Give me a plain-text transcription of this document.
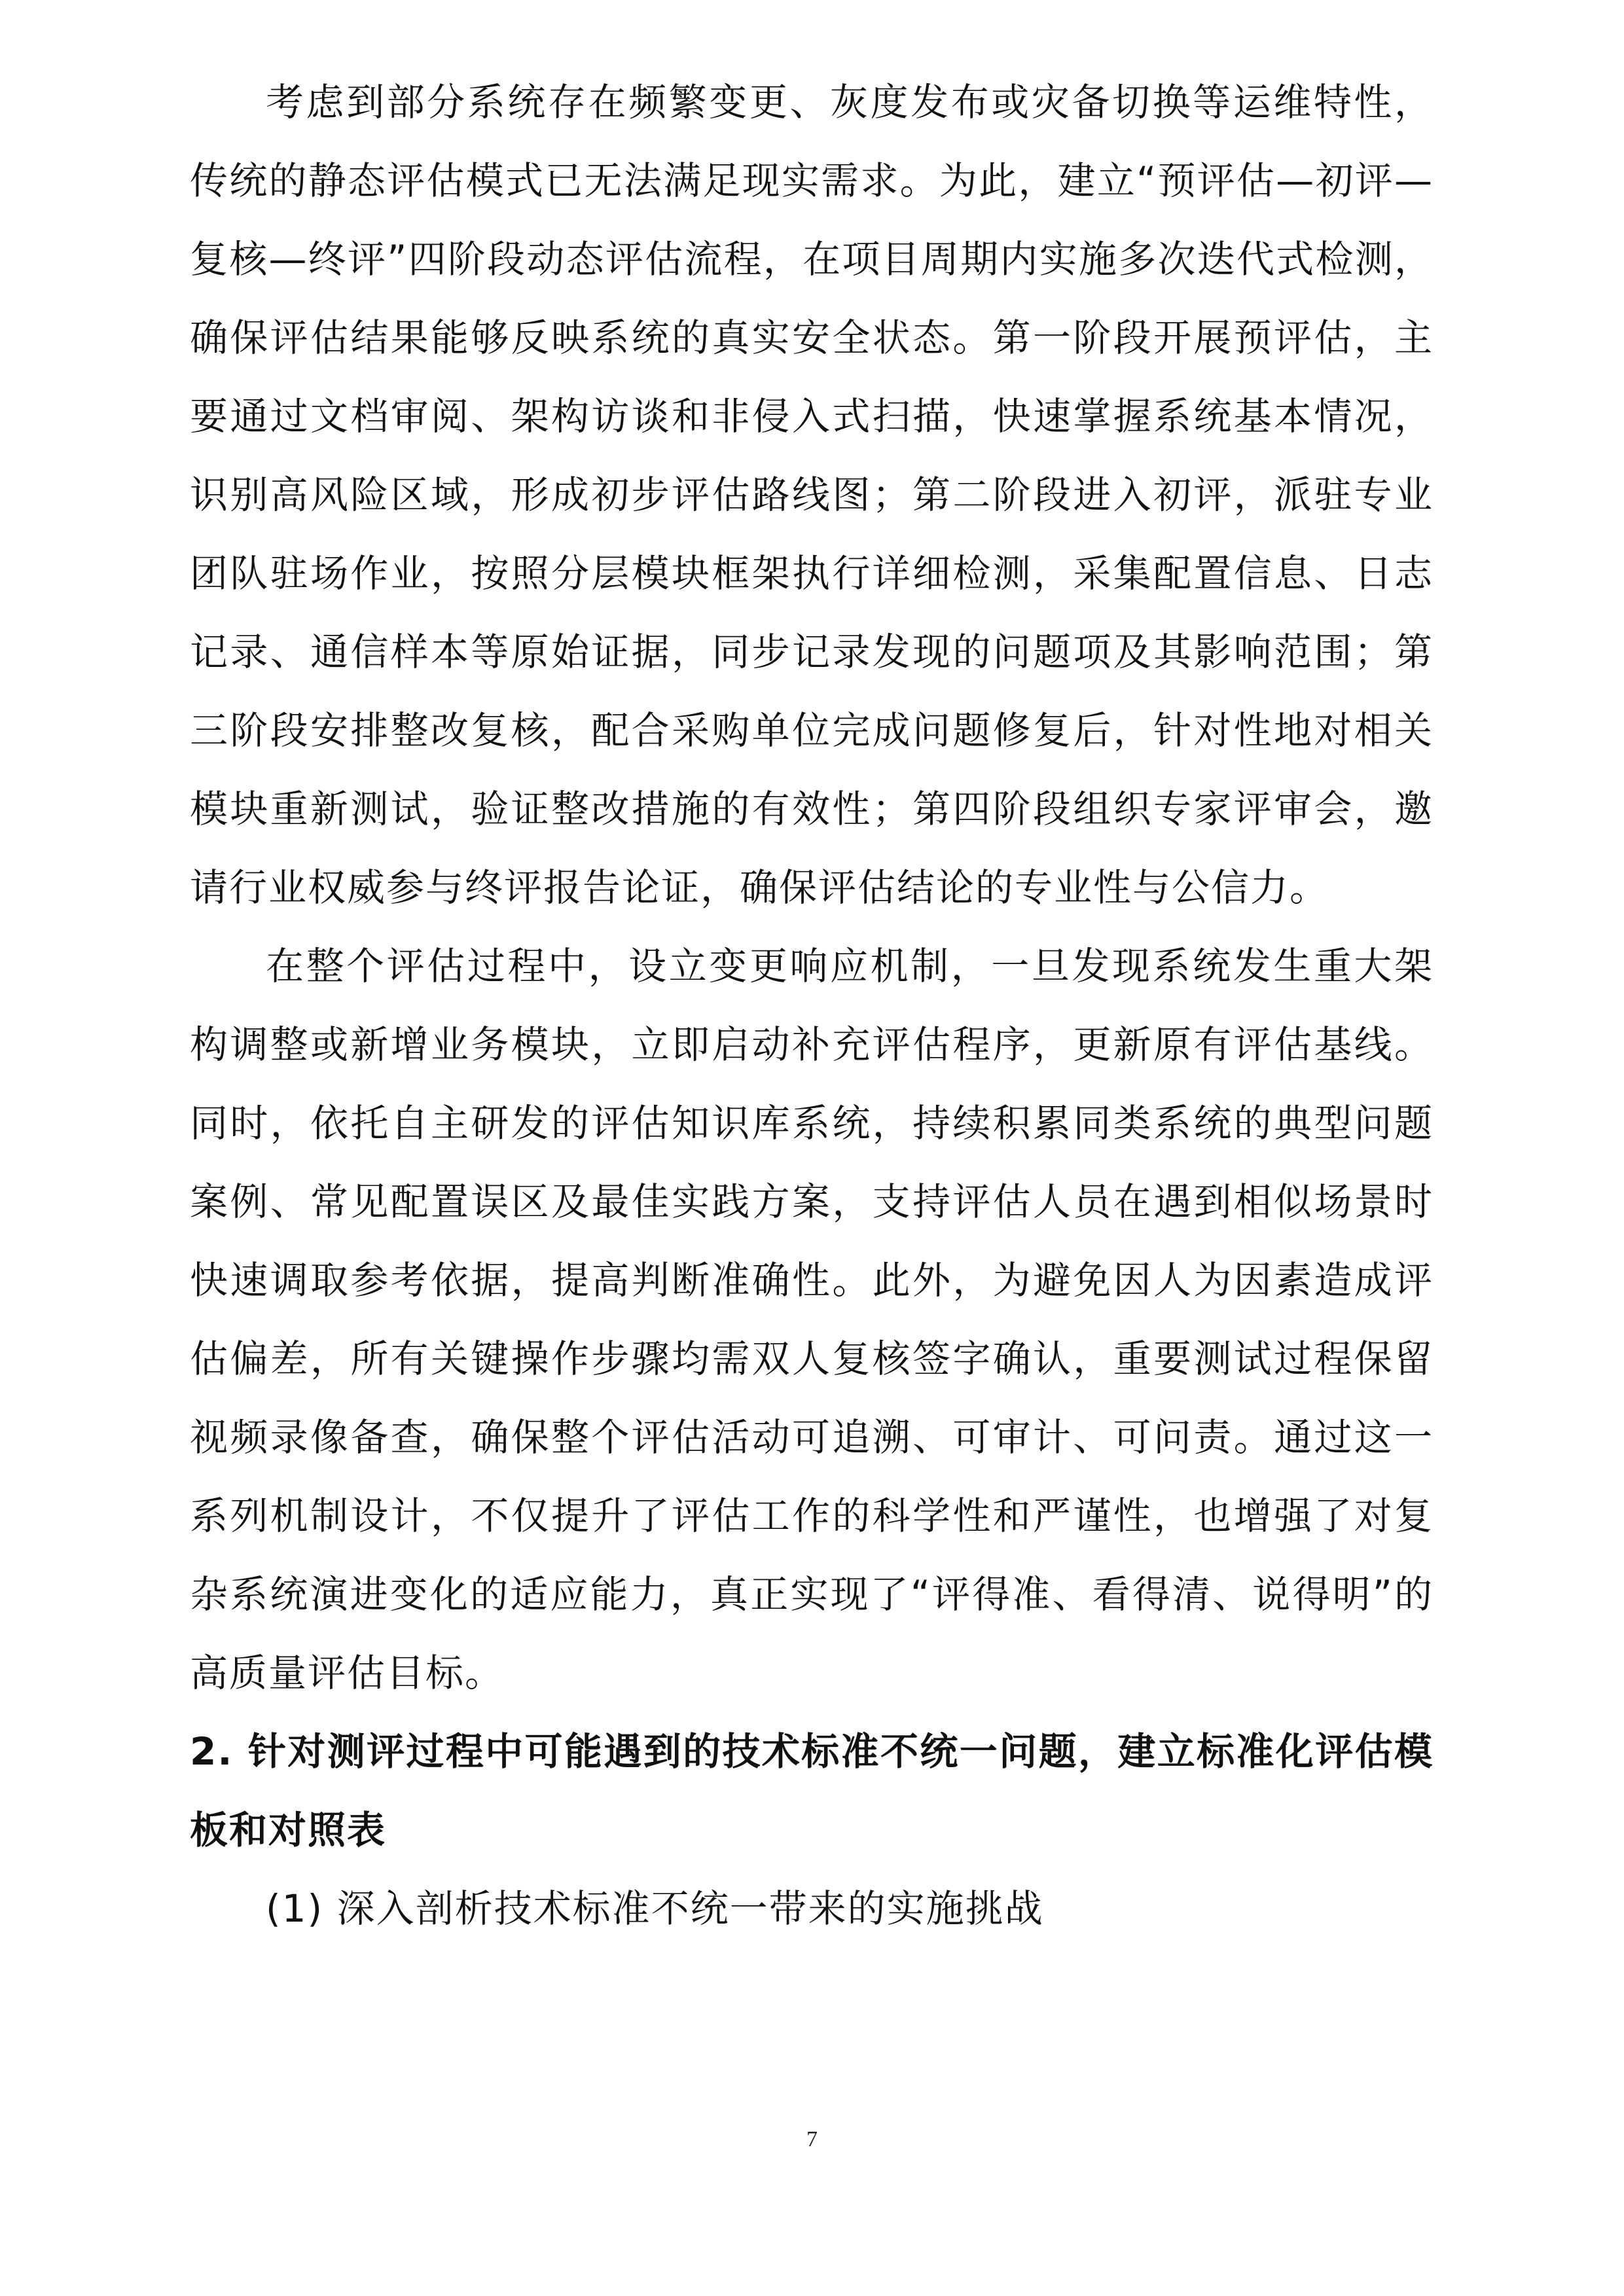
考虑到部分系统存在频繁变更、灰度发布或灾备切换等运维特性，传统的静态评估模式已无法满足现实需求。为此，建立“预评估—初评—复核—终评”四阶段动态评估流程，在项目周期内实施多次迭代式检测，确保评估结果能够反映系统的真实安全状态。第一阶段开展预评估，主要通过文档审阅、架构访谈和非侵入式扫描，快速掌握系统基本情况，识别高风险区域，形成初步评估路线图；第二阶段进入初评，派驻专业团队驻场作业，按照分层模块框架执行详细检测，采集配置信息、日志记录、通信样本等原始证据，同步记录发现的问题项及其影响范围；第三阶段安排整改复核，配合采购单位完成问题修复后，针对性地对相关模块重新测试，验证整改措施的有效性；第四阶段组织专家评审会，邀请行业权威参与终评报告论证，确保评估结论的专业性与公信力。

在整个评估过程中，设立变更响应机制，一旦发现系统发生重大架构调整或新增业务模块，立即启动补充评估程序，更新原有评估基线。同时，依托自主研发的评估知识库系统，持续积累同类系统的典型问题案例、常见配置误区及最佳实践方案，支持评估人员在遇到相似场景时快速调取参考依据，提高判断准确性。此外，为避免因人为因素造成评估偏差，所有关键操作步骤均需双人复核签字确认，重要测试过程保留视频录像备查，确保整个评估活动可追溯、可审计、可问责。通过这一系列机制设计，不仅提升了评估工作的科学性和严谨性，也增强了对复杂系统演进变化的适应能力，真正实现了“评得准、看得清、说得明”的高质量评估目标。

2. 针对测评过程中可能遇到的技术标准不统一问题，建立标准化评估模板和对照表

(1) 深入剖析技术标准不统一带来的实施挑战

7
